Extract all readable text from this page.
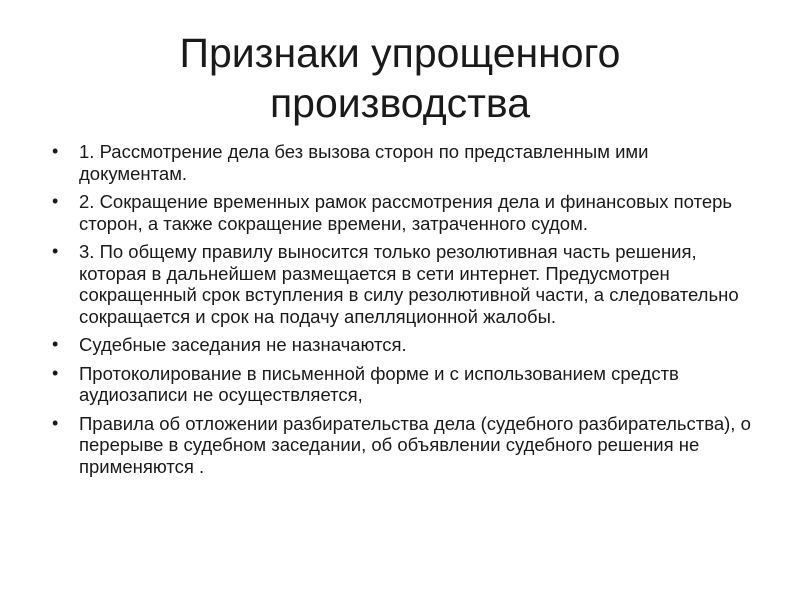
Признаки упрощенного
производства
• 1. Рассмотрение дела без вызова сторон по представленным ими документам.
• 2. Сокращение временных рамок рассмотрения дела и финансовых потерь сторон, а также сокращение времени, затраченного судом.
• 3. По общему правилу выносится только резолютивная часть решения, которая в дальнейшем размещается в сети интернет. Предусмотрен сокращенный срок вступления в силу резолютивной части, а следовательно сокращается и срок на подачу апелляционной жалобы.
• Судебные заседания не назначаются.
• Протоколирование в письменной форме и с использованием средств аудиозаписи не осуществляется,
• Правила об отложении разбирательства дела (судебного разбирательства), о перерыве в судебном заседании, об объявлении судебного решения не применяются .
